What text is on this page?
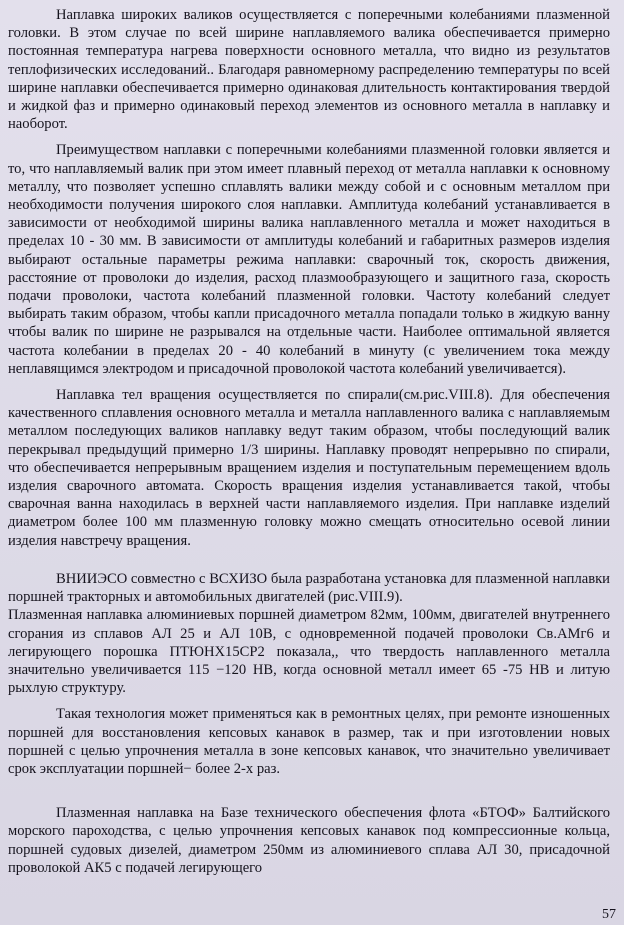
Наплавка широких валиков осуществляется с поперечными колебаниями плазменной головки. В этом случае по всей ширине наплавляемого валика обеспечивается примерно постоянная температура нагрева поверхности основного металла, что видно из результатов теплофизических исследований.. Благодаря равномерному распределению температуры по всей ширине наплавки обеспечивается примерно одинаковая длительность контактирования твердой и жидкой фаз и примерно одинаковый переход элементов из основного металла в наплавку и наоборот.

Преимуществом наплавки с поперечными колебаниями плазменной головки является и то, что наплавляемый валик при этом имеет плавный переход от металла наплавки к основному металлу, что позволяет успешно сплавлять валики между собой и с основным металлом при необходимости получения широкого слоя наплавки. Амплитуда колебаний устанавливается в зависимости от необходимой ширины валика наплавленного металла и может находиться в пределах 10 - 30 мм. В зависимости от амплитуды колебаний и габаритных размеров изделия выбирают остальные параметры режима наплавки: сварочный ток, скорость движения, расстояние от проволоки до изделия, расход плазмообразующего и защитного газа, скорость подачи проволоки, частота колебаний плазменной головки. Частоту колебаний следует выбирать таким образом, чтобы капли присадочного металла попадали только в жидкую ванну чтобы валик по ширине не разрывался на отдельные части. Наиболее оптимальной является частота колебании в пределах 20 - 40 колебаний в минуту (с увеличением тока между неплавящимся электродом и присадочной проволокой частота колебаний увеличивается).

Наплавка тел вращения осуществляется по спирали(см.рис.VIII.8). Для обеспечения качественного сплавления основного металла и металла наплавленного валика с наплавляемым металлом последующих валиков наплавку ведут таким образом, чтобы последующий валик перекрывал предыдущий примерно 1/3 ширины. Наплавку проводят непрерывно по спирали, что обеспечивается непрерывным вращением изделия и поступательным перемещением вдоль изделия сварочного автомата. Скорость вращения изделия устанавливается такой, чтобы сварочная ванна находилась в верхней части наплавляемого изделия. При наплавке изделий диаметром более 100 мм плазменную головку можно смещать относительно осевой линии изделия навстречу вращения.

ВНИИЭСО совместно с ВСХИЗО была разработана установка для плазменной наплавки поршней тракторных и автомобильных двигателей (рис.VIII.9).

Плазменная наплавка алюминиевых поршней диаметром 82мм, 100мм, двигателей внутреннего сгорания из сплавов АЛ 25 и АЛ 10В, с одновременной подачей проволоки Св.АМг6 и легирующего порошка ПТЮНХ15СР2 показала,, что твердость наплавленного металла значительно увеличивается 115 −120 НВ, когда основной металл имеет 65 -75 НВ и литую рыхлую структуру.

Такая технология может применяться как в ремонтных целях, при ремонте изношенных поршней для восстановления кепсовых канавок в размер, так и при изготовлении новых поршней с целью упрочнения металла в зоне кепсовых канавок, что значительно увеличивает срок эксплуатации поршней− более 2-х раз.

Плазменная наплавка на Базе технического обеспечения флота «БТОФ» Балтийского морского пароходства, с целью упрочнения кепсовых канавок под компрессионные кольца, поршней судовых дизелей, диаметром 250мм из алюминиевого сплава АЛ 30, присадочной проволокой АК5 с подачей легирующего

57
